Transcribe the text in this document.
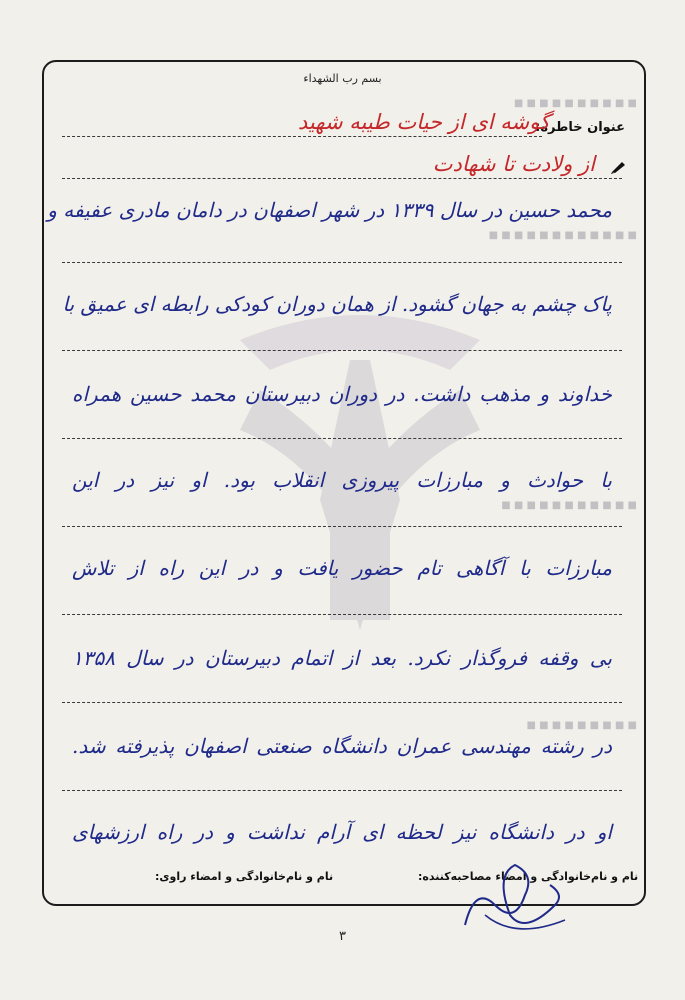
■ ■ ■ ■ ■ ■ ■ ■ ■ ■
■ ■ ■ ■ ■ ■ ■ ■ ■ ■ ■ ■
■ ■ ■ ■ ■ ■ ■ ■ ■ ■ ■
■ ■ ■ ■ ■ ■ ■ ■ ■
بسم رب الشهداء
عنوان خاطره:
گوشه ای از حیات طیبه شهید
از ولادت تا شهادت
محمد حسین در سال ۱۳۳۹ در شهر اصفهان در دامان مادری عفیفه و
پاک چشم به جهان گشود. از همان دوران کودکی رابطه ای عمیق با
خداوند و مذهب داشت. در دوران دبیرستان محمد حسین همراه
با حوادث و مبارزات پیروزی انقلاب بود. او نیز در این
مبارزات با آگاهی تام حضور یافت و در این راه از تلاش
بی وقفه فروگذار نکرد. بعد از اتمام دبیرستان در سال ۱۳۵۸
در رشته مهندسی عمران دانشگاه صنعتی اصفهان پذیرفته شد.
او در دانشگاه نیز لحظه ای آرام نداشت و در راه ارزشهای
نام و نام‌خانوادگی و امضاء راوی:	نام و نام‌خانوادگی و امضاء مصاحبه‌کننده:
۳
